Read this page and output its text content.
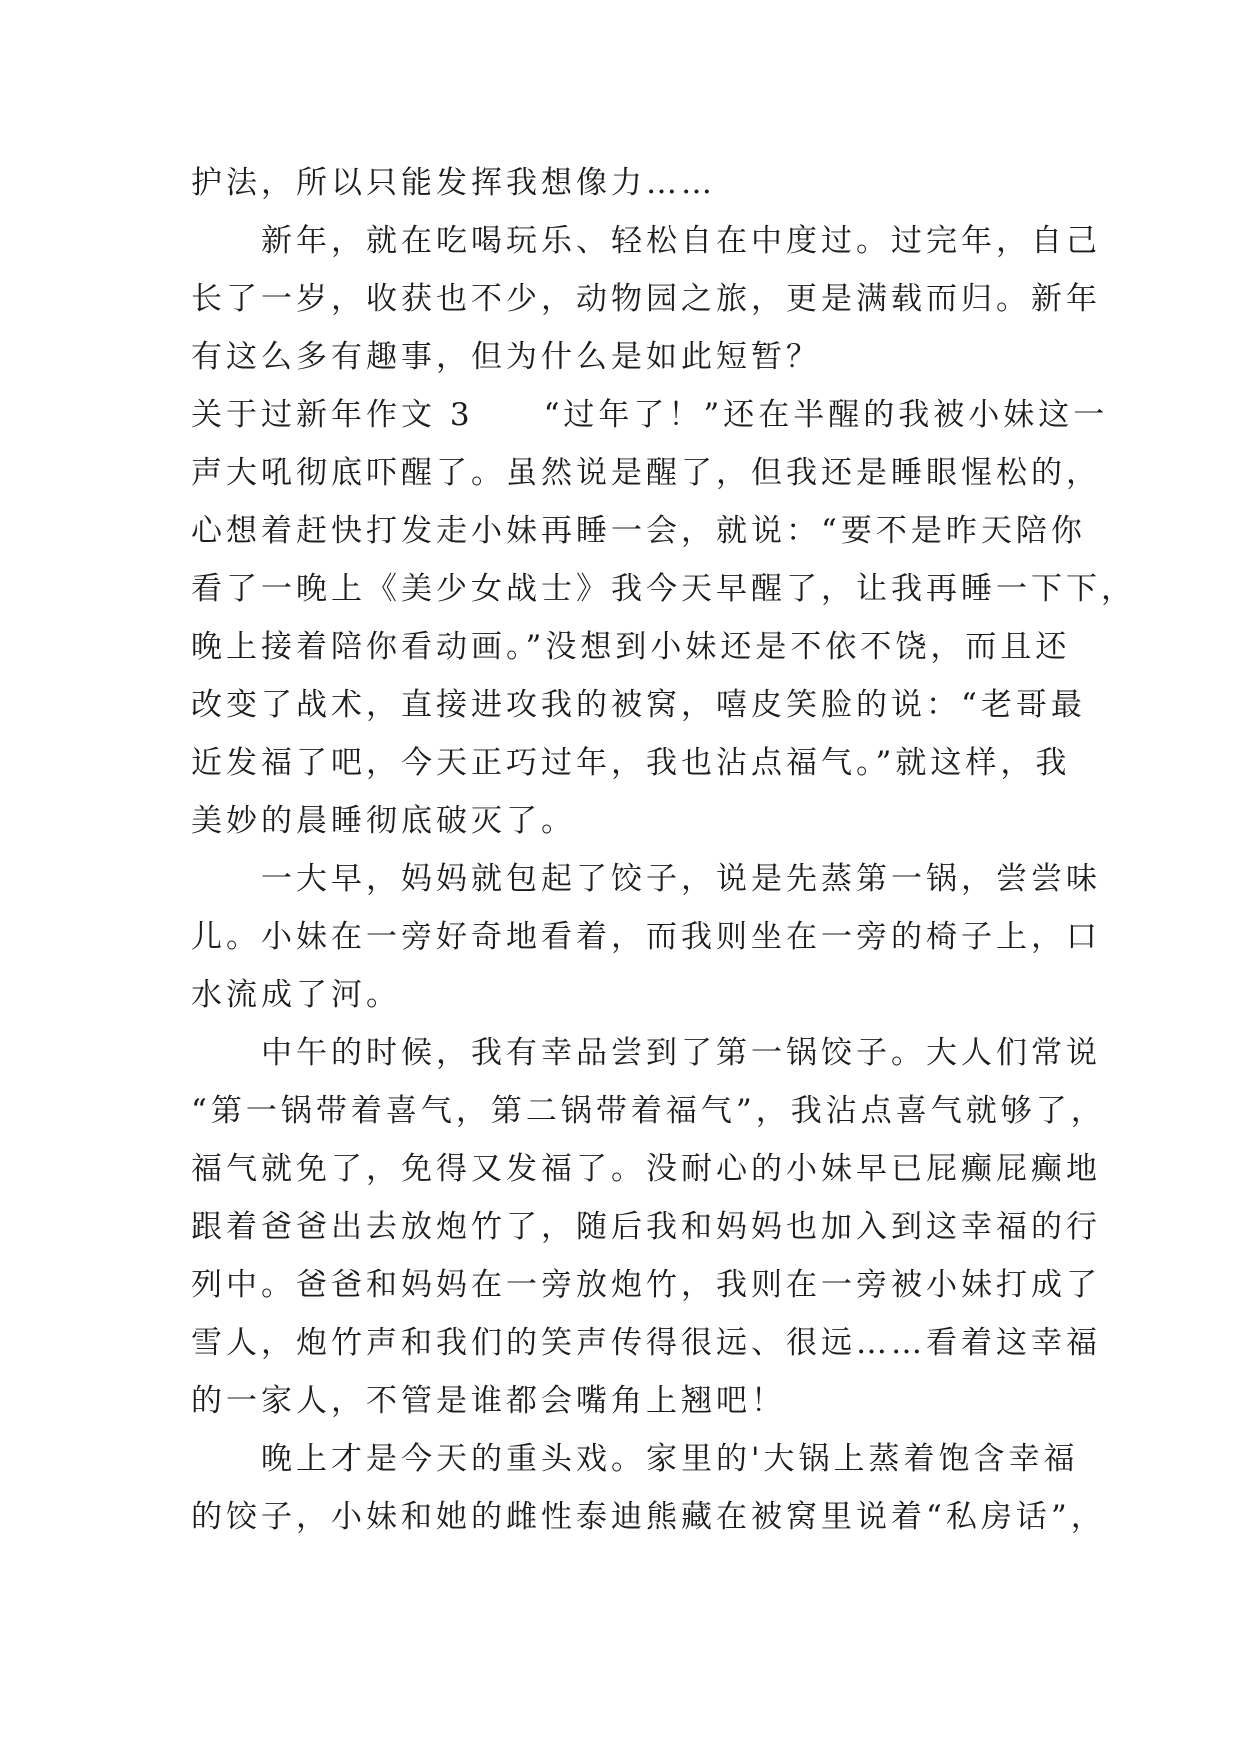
护法，所以只能发挥我想像力……
　　新年，就在吃喝玩乐、轻松自在中度过。过完年，自己
长了一岁，收获也不少，动物园之旅，更是满载而归。新年
有这么多有趣事，但为什么是如此短暂？
关于过新年作文 3　　“过年了！”还在半醒的我被小妹这一
声大吼彻底吓醒了。虽然说是醒了，但我还是睡眼惺松的，
心想着赶快打发走小妹再睡一会，就说：“要不是昨天陪你
看了一晚上《美少女战士》我今天早醒了，让我再睡一下下，
晚上接着陪你看动画。”没想到小妹还是不依不饶，而且还
改变了战术，直接进攻我的被窝，嘻皮笑脸的说：“老哥最
近发福了吧，今天正巧过年，我也沾点福气。”就这样，我
美妙的晨睡彻底破灭了。
　　一大早，妈妈就包起了饺子，说是先蒸第一锅，尝尝味
儿。小妹在一旁好奇地看着，而我则坐在一旁的椅子上，口
水流成了河。
　　中午的时候，我有幸品尝到了第一锅饺子。大人们常说
“第一锅带着喜气，第二锅带着福气”，我沾点喜气就够了，
福气就免了，免得又发福了。没耐心的小妹早已屁癫屁癫地
跟着爸爸出去放炮竹了，随后我和妈妈也加入到这幸福的行
列中。爸爸和妈妈在一旁放炮竹，我则在一旁被小妹打成了
雪人，炮竹声和我们的笑声传得很远、很远……看着这幸福
的一家人，不管是谁都会嘴角上翘吧！
　　晚上才是今天的重头戏。家里的'大锅上蒸着饱含幸福
的饺子，小妹和她的雌性泰迪熊藏在被窝里说着“私房话”，
